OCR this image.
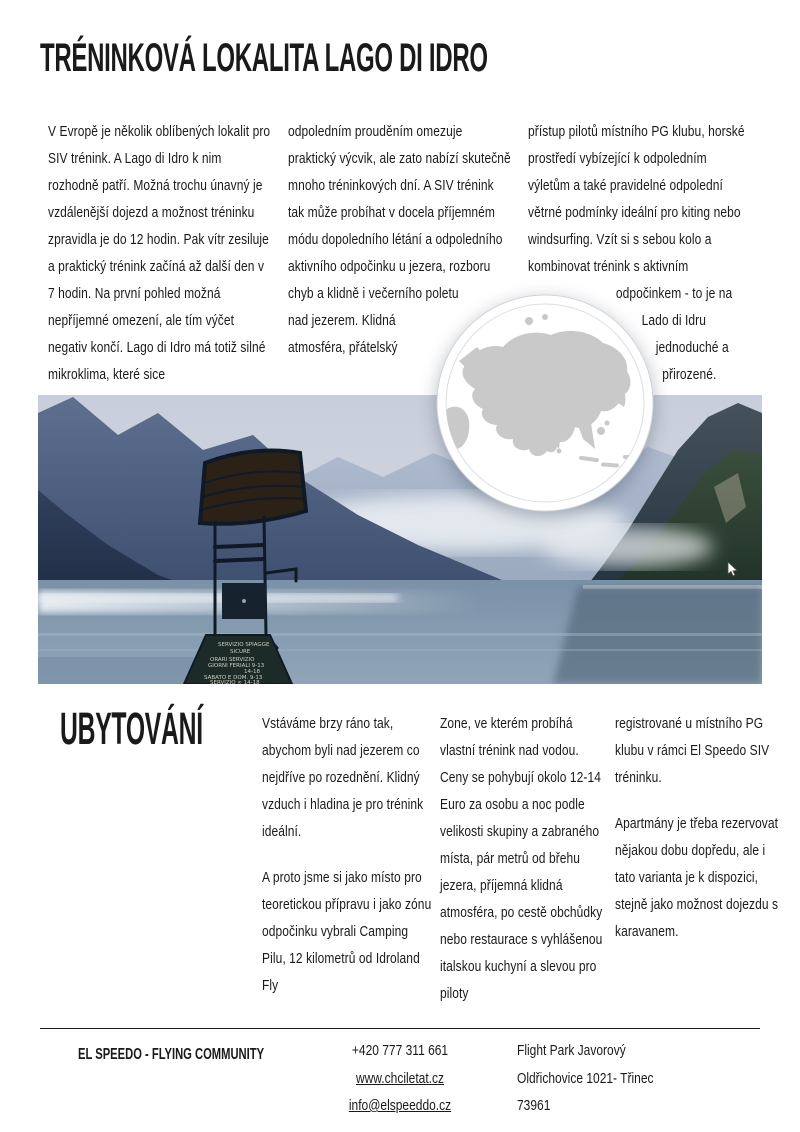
TRÉNINKOVÁ LOKALITA LAGO DI IDRO

V Evropě je několik oblíbených lokalit pro SIV trénink. A Lago di Idro k nim rozhodně patří. Možná trochu únavný je vzdálenější dojezd a možnost tréninku zpravidla je do 12 hodin. Pak vítr zesiluje a praktický trénink začíná až další den v 7 hodin. Na první pohled možná nepříjemné omezení, ale tím výčet negativ končí. Lago di Idro má totiž silné mikroklima, které sice

odpoledním prouděním omezuje praktický výcvik, ale zato nabízí skutečně mnoho tréninkových dní. A SIV trénink tak může probíhat v docela příjemném módu dopoledního létání a odpoledního aktivního odpočinku u jezera, rozboru chyb a klidně i večerního poletu nad jezerem. Klidná atmosféra, přátelský

přístup pilotů místního PG klubu, horské prostředí vybízející k odpoledním výletům a také pravidelné odpolední větrné podmínky ideální pro kiting nebo windsurfing. Vzít si s sebou kolo a kombinovat trénink s aktivním odpočinkem - to je na Lado di Idru jednoduché a přirozené.

SERVIZIO SPIAGGE
SICURE
ORARI SERVIZIO
GIORNI FERIALI 9-13
14-18
SABATO E DOM. 9-13
SERVIZIO ∞ 14-18
UBYTOVÁNÍ	Vstáváme brzy ráno tak, abychom byli nad jezerem co nejdříve po rozednění. Klidný vzduch i hladina je pro trénink ideální.

A proto jsme si jako místo pro teoretickou přípravu i jako zónu odpočinku vybrali Camping Pilu, 12 kilometrů od Idroland Fly

Zone, ve kterém probíhá vlastní trénink nad vodou. Ceny se pohybují okolo 12-14 Euro za osobu a noc podle velikosti skupiny a zabraného místa, pár metrů od břehu jezera, příjemná klidná atmosféra, po cestě obchůdky nebo restaurace s vyhlášenou italskou kuchyní a slevou pro piloty

registrované u místního PG klubu v rámci El Speedo SIV tréninku.

Apartmány je třeba rezervovat nějakou dobu dopředu, ale i tato varianta je k dispozici, stejně jako možnost dojezdu s karavanem.

EL SPEEDO - FLYING COMMUNITY	+420 777 311 661
www.chciletat.cz
info@elspeeddo.cz
Flight Park Javorový
Oldřichovice 1021- Třinec
73961
